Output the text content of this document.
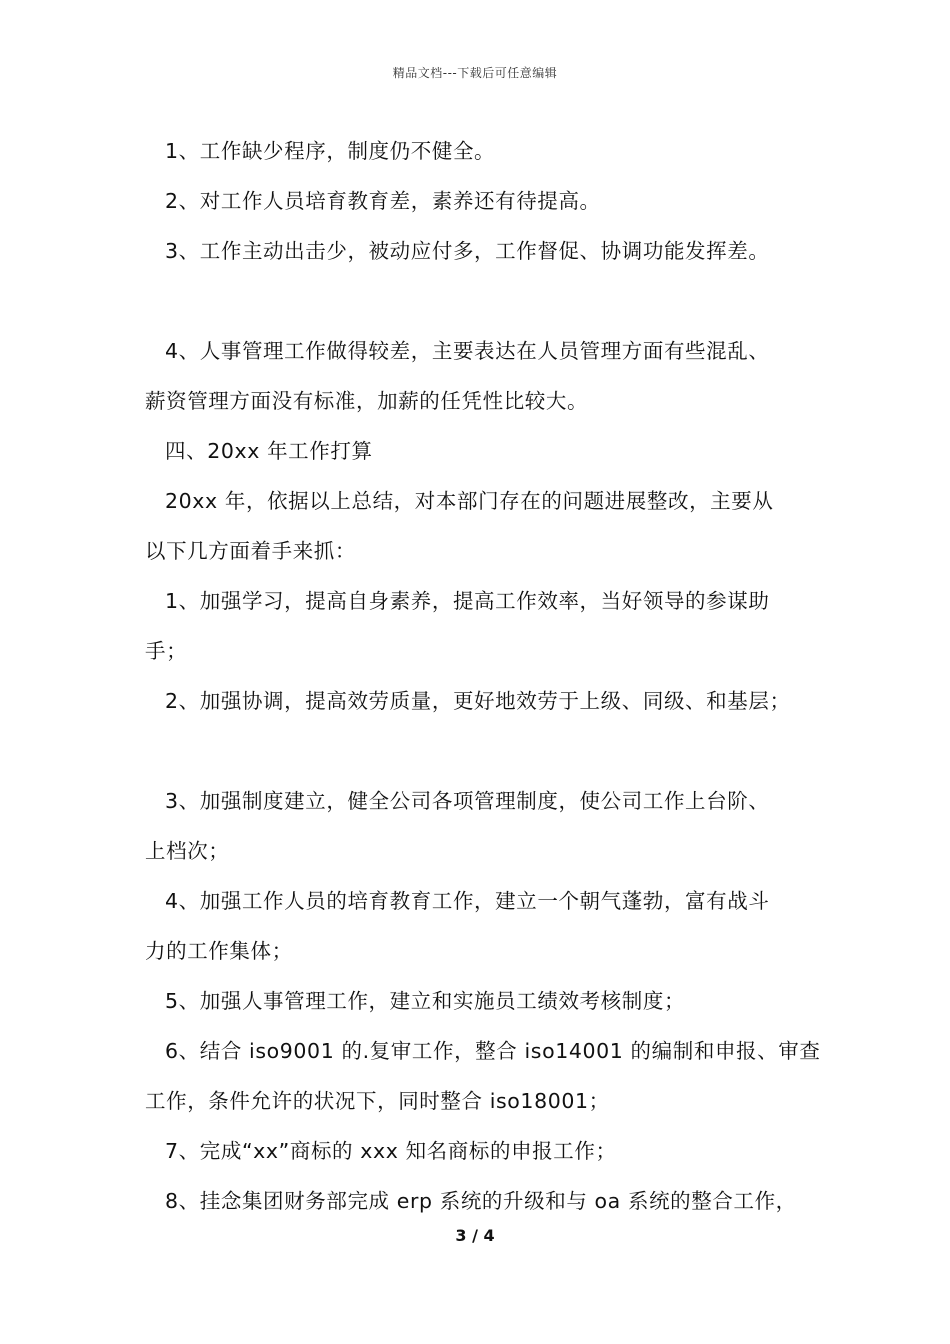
精品文档---下载后可任意编辑
1、工作缺少程序，制度仍不健全。
2、对工作人员培育教育差，素养还有待提高。
3、工作主动出击少，被动应付多，工作督促、协调功能发挥差。
4、人事管理工作做得较差，主要表达在人员管理方面有些混乱、
薪资管理方面没有标准，加薪的任凭性比较大。
四、20xx 年工作打算
20xx 年，依据以上总结，对本部门存在的问题进展整改，主要从
以下几方面着手来抓：
1、加强学习，提高自身素养，提高工作效率，当好领导的参谋助
手；
2、加强协调，提高效劳质量，更好地效劳于上级、同级、和基层；
3、加强制度建立，健全公司各项管理制度，使公司工作上台阶、
上档次；
4、加强工作人员的培育教育工作，建立一个朝气蓬勃，富有战斗
力的工作集体；
5、加强人事管理工作，建立和实施员工绩效考核制度；
6、结合 iso9001 的.复审工作，整合 iso14001 的编制和申报、审查
工作，条件允许的状况下，同时整合 iso18001；
7、完成“xx”商标的 xxx 知名商标的申报工作；
8、挂念集团财务部完成 erp 系统的升级和与 oa 系统的整合工作，
3 / 4
